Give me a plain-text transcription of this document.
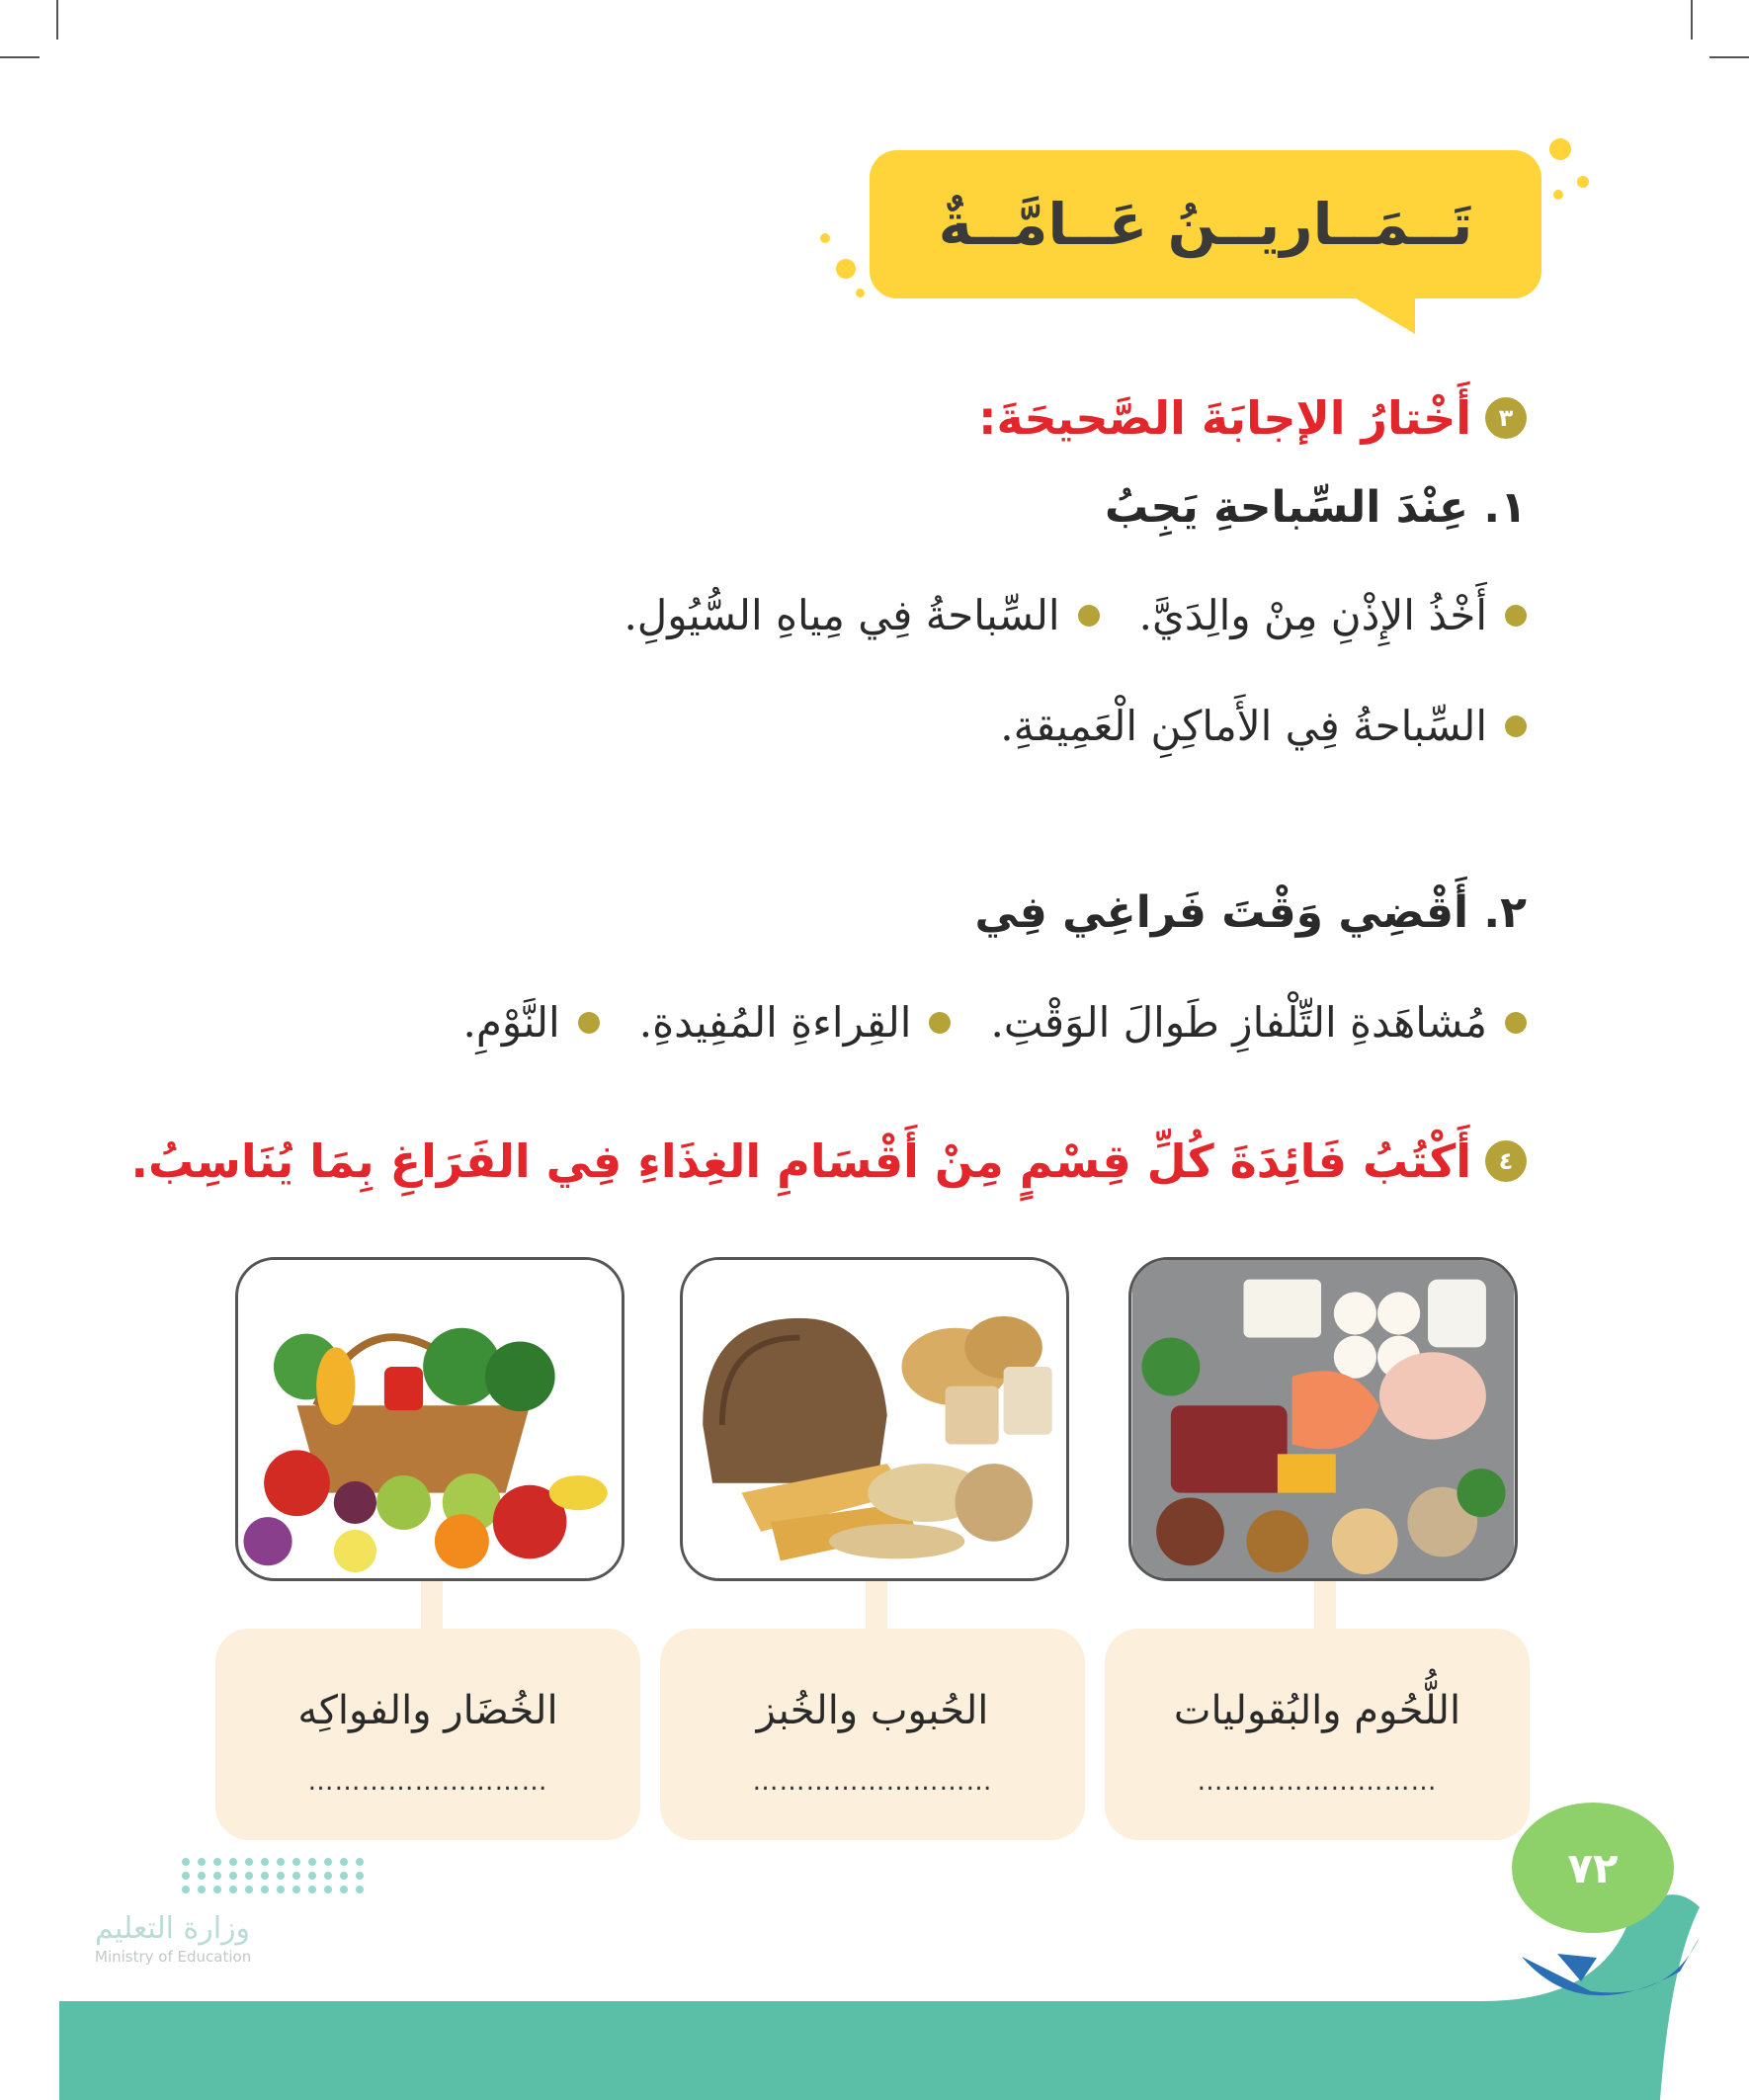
تَــمَــاريــنُ عَــامَّــةٌ
٣
أَخْتارُ الإجابَةَ الصَّحيحَةَ:
١. عِنْدَ السِّباحةِ يَجِبُ
أَخْذُ الإِذْنِ مِنْ والِدَيَّ.
السِّباحةُ فِي مِياهِ السُّيُولِ.
السِّباحةُ فِي الأَماكِنِ الْعَمِيقةِ.
٢. أَقْضِي وَقْتَ فَراغِي فِي
مُشاهَدةِ التِّلْفازِ طَوالَ الوَقْتِ.
القِراءةِ المُفِيدةِ.
النَّوْمِ.
٤
أَكْتُبُ فَائِدَةَ كُلِّ قِسْمٍ مِنْ أَقْسَامِ الغِذَاءِ فِي الفَرَاغِ بِمَا يُنَاسِبُ.
اللُّحُوم والبُقوليات
………………………
الحُبوب والخُبز
………………………
الخُضَار والفواكِه
………………………
٧٢
وزارة التعليم
Ministry of Education
